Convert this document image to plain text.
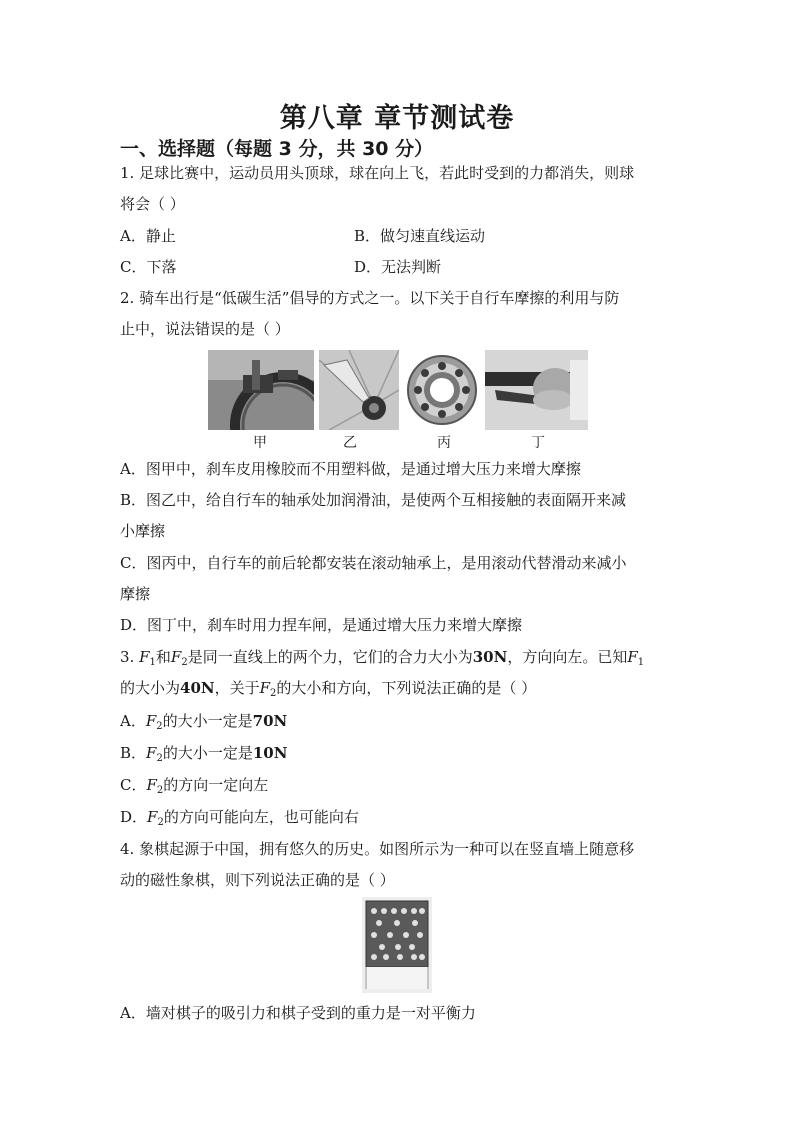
第八章 章节测试卷
一、选择题（每题 3 分，共 30 分）
1. 足球比赛中，运动员用头顶球，球在向上飞，若此时受到的力都消失，则球
将会（ ）
A．静止	B．做匀速直线运动
C．下落	D．无法判断
2. 骑车出行是“低碳生活”倡导的方式之一。以下关于自行车摩擦的利用与防
止中，说法错误的是（ ）
甲	乙	丙	丁
A．图甲中，刹车皮用橡胶而不用塑料做，是通过增大压力来增大摩擦
B．图乙中，给自行车的轴承处加润滑油，是使两个互相接触的表面隔开来减
小摩擦
C．图丙中，自行车的前后轮都安装在滚动轴承上，是用滚动代替滑动来减小
摩擦
D．图丁中，刹车时用力捏车闸，是通过增大压力来增大摩擦
3. $F_1$和$F_2$是同一直线上的两个力，它们的合力大小为30N，方向向左。已知$F_1$
的大小为40N，关于$F_2$的大小和方向，下列说法正确的是（ ）
A．$F_2$的大小一定是70N
B．$F_2$的大小一定是10N
C．$F_2$的方向一定向左
D．$F_2$的方向可能向左，也可能向右
4. 象棋起源于中国，拥有悠久的历史。如图所示为一种可以在竖直墙上随意移
动的磁性象棋，则下列说法正确的是（ ）
A．墙对棋子的吸引力和棋子受到的重力是一对平衡力
